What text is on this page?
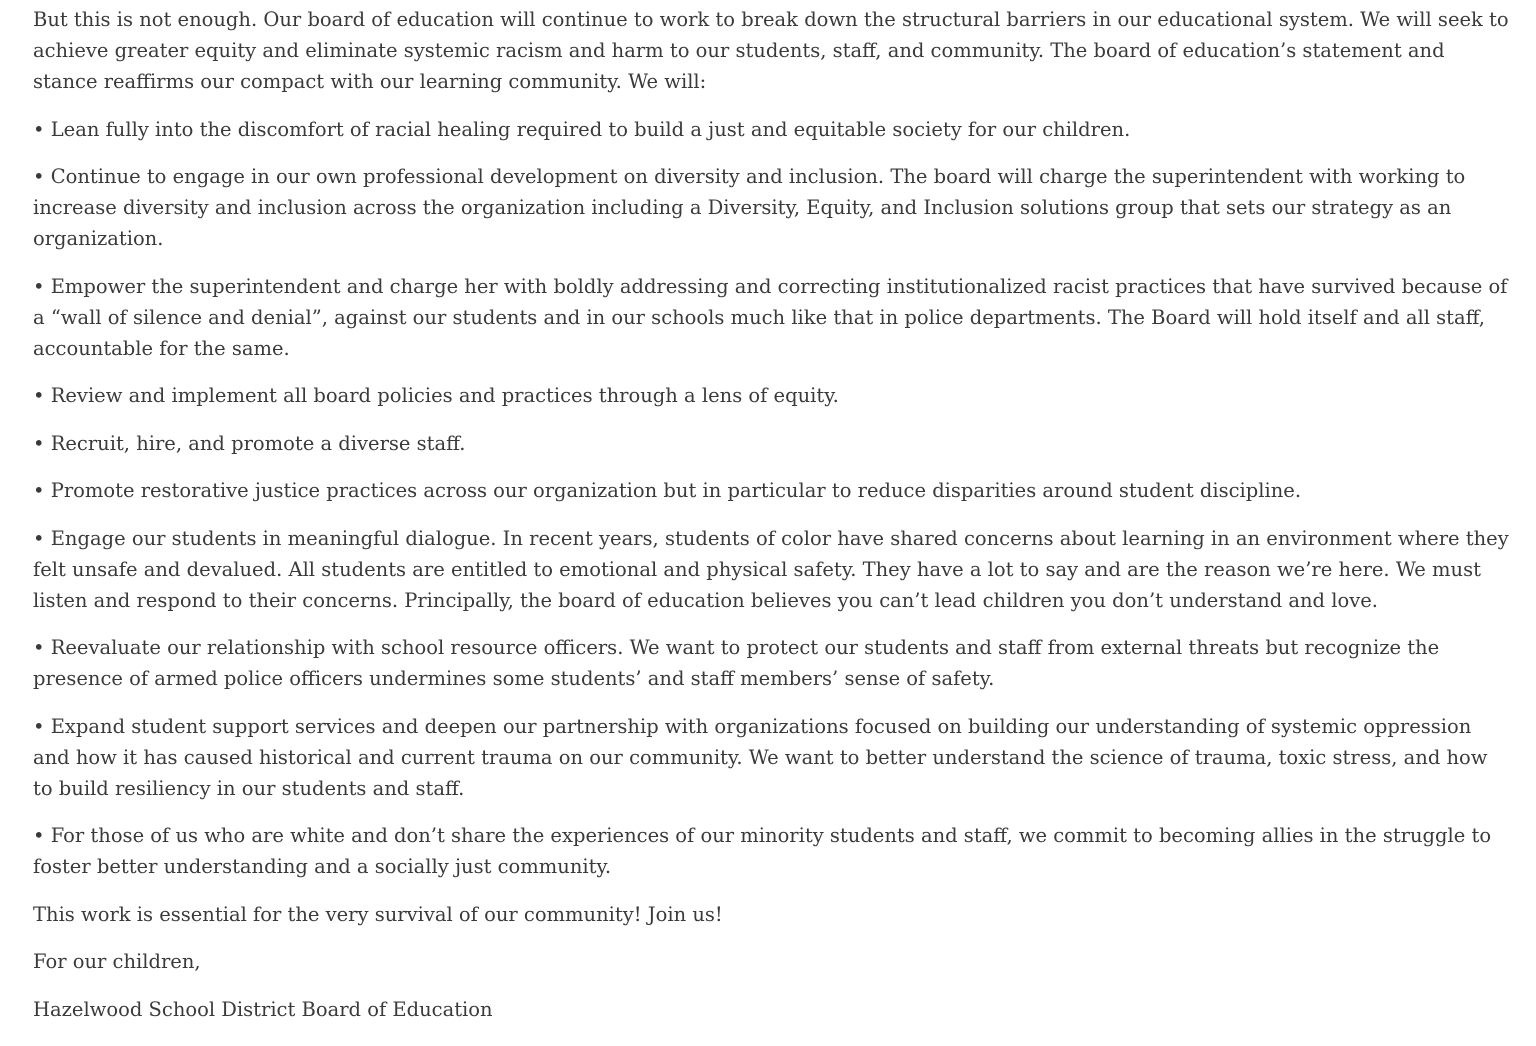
But this is not enough. Our board of education will continue to work to break down the structural barriers in our educational system. We will seek to achieve greater equity and eliminate systemic racism and harm to our students, staff, and community. The board of education’s statement and stance reaffirms our compact with our learning community. We will:

• Lean fully into the discomfort of racial healing required to build a just and equitable society for our children.

• Continue to engage in our own professional development on diversity and inclusion. The board will charge the superintendent with working to increase diversity and inclusion across the organization including a Diversity, Equity, and Inclusion solutions group that sets our strategy as an organization.

• Empower the superintendent and charge her with boldly addressing and correcting institutionalized racist practices that have survived because of a “wall of silence and denial”, against our students and in our schools much like that in police departments. The Board will hold itself and all staff, accountable for the same.

• Review and implement all board policies and practices through a lens of equity.

• Recruit, hire, and promote a diverse staff.

• Promote restorative justice practices across our organization but in particular to reduce disparities around student discipline.

• Engage our students in meaningful dialogue. In recent years, students of color have shared concerns about learning in an environment where they felt unsafe and devalued. All students are entitled to emotional and physical safety. They have a lot to say and are the reason we’re here. We must listen and respond to their concerns. Principally, the board of education believes you can’t lead children you don’t understand and love.

• Reevaluate our relationship with school resource officers. We want to protect our students and staff from external threats but recognize the presence of armed police officers undermines some students’ and staff members’ sense of safety.

• Expand student support services and deepen our partnership with organizations focused on building our understanding of systemic oppression and how it has caused historical and current trauma on our community. We want to better understand the science of trauma, toxic stress, and how to build resiliency in our students and staff.

• For those of us who are white and don’t share the experiences of our minority students and staff, we commit to becoming allies in the struggle to foster better understanding and a socially just community.

This work is essential for the very survival of our community! Join us!

For our children,

Hazelwood School District Board of Education
